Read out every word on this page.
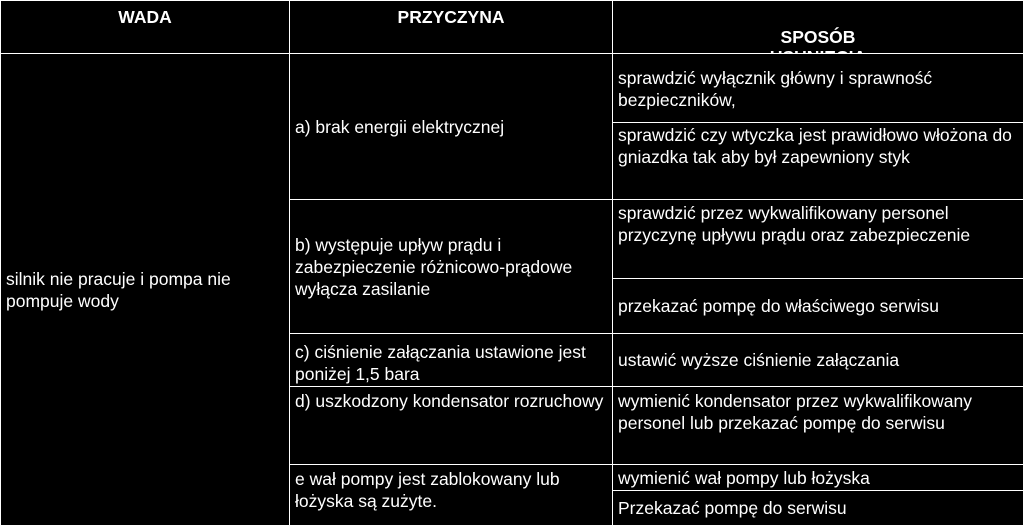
WADA	PRZYCZYNA

SPOSÓB

silnik nie pracuje i pompa nie pompuje wody
a) brak energii elektrycznej
b) występuje upływ prądu i zabezpieczenie różnicowo-prądowe wyłącza zasilanie
c) ciśnienie załączania ustawione jest poniżej 1,5 bara
d) uszkodzony kondensator rozruchowy
e wał pompy jest zablokowany lub łożyska są zużyte.
sprawdzić wyłącznik główny i sprawność bezpieczników,
sprawdzić czy wtyczka jest prawidłowo włożona do gniazdka tak aby był zapewniony styk
sprawdzić przez wykwalifikowany personel przyczynę upływu prądu oraz zabezpieczenie
przekazać pompę do właściwego serwisu
ustawić wyższe ciśnienie załączania
wymienić kondensator przez wykwalifikowany personel lub przekazać pompę do serwisu
wymienić wał pompy lub łożyska
Przekazać pompę do serwisu
